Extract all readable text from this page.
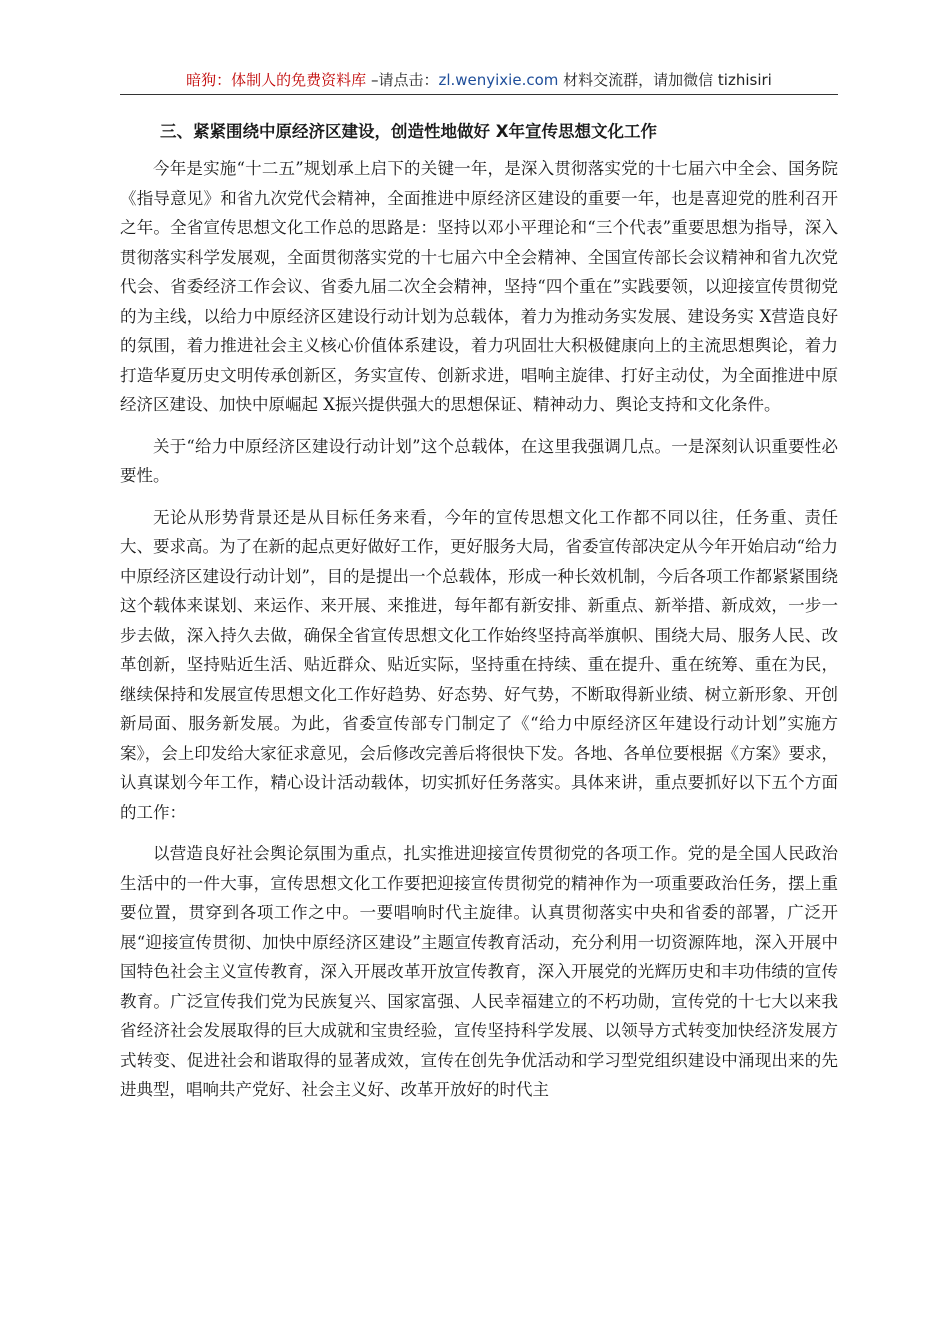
暗狗：体制人的免费资料库 –请点击：zl.wenyixie.com 材料交流群，请加微信 tizhisiri
三、紧紧围绕中原经济区建设，创造性地做好 X年宣传思想文化工作

今年是实施“十二五”规划承上启下的关键一年，是深入贯彻落实党的十七届六中全会、国务院《指导意见》和省九次党代会精神，全面推进中原经济区建设的重要一年，也是喜迎党的胜利召开之年。全省宣传思想文化工作总的思路是：坚持以邓小平理论和“三个代表”重要思想为指导，深入贯彻落实科学发展观，全面贯彻落实党的十七届六中全会精神、全国宣传部长会议精神和省九次党代会、省委经济工作会议、省委九届二次全会精神，坚持“四个重在”实践要领，以迎接宣传贯彻党的为主线，以给力中原经济区建设行动计划为总载体，着力为推动务实发展、建设务实 X营造良好的氛围，着力推进社会主义核心价值体系建设，着力巩固壮大积极健康向上的主流思想舆论，着力打造华夏历史文明传承创新区，务实宣传、创新求进，唱响主旋律、打好主动仗，为全面推进中原经济区建设、加快中原崛起 X振兴提供强大的思想保证、精神动力、舆论支持和文化条件。

关于“给力中原经济区建设行动计划”这个总载体，在这里我强调几点。一是深刻认识重要性必要性。

无论从形势背景还是从目标任务来看，今年的宣传思想文化工作都不同以往，任务重、责任大、要求高。为了在新的起点更好做好工作，更好服务大局，省委宣传部决定从今年开始启动“给力中原经济区建设行动计划”，目的是提出一个总载体，形成一种长效机制，今后各项工作都紧紧围绕这个载体来谋划、来运作、来开展、来推进，每年都有新安排、新重点、新举措、新成效，一步一步去做，深入持久去做，确保全省宣传思想文化工作始终坚持高举旗帜、围绕大局、服务人民、改革创新，坚持贴近生活、贴近群众、贴近实际，坚持重在持续、重在提升、重在统筹、重在为民，继续保持和发展宣传思想文化工作好趋势、好态势、好气势，不断取得新业绩、树立新形象、开创新局面、服务新发展。为此，省委宣传部专门制定了《“给力中原经济区年建设行动计划”实施方案》，会上印发给大家征求意见，会后修改完善后将很快下发。各地、各单位要根据《方案》要求，认真谋划今年工作，精心设计活动载体，切实抓好任务落实。具体来讲，重点要抓好以下五个方面的工作：

以营造良好社会舆论氛围为重点，扎实推进迎接宣传贯彻党的各项工作。党的是全国人民政治生活中的一件大事，宣传思想文化工作要把迎接宣传贯彻党的精神作为一项重要政治任务，摆上重要位置，贯穿到各项工作之中。一要唱响时代主旋律。认真贯彻落实中央和省委的部署，广泛开展“迎接宣传贯彻、加快中原经济区建设”主题宣传教育活动，充分利用一切资源阵地，深入开展中国特色社会主义宣传教育，深入开展改革开放宣传教育，深入开展党的光辉历史和丰功伟绩的宣传教育。广泛宣传我们党为民族复兴、国家富强、人民幸福建立的不朽功勋，宣传党的十七大以来我省经济社会发展取得的巨大成就和宝贵经验，宣传坚持科学发展、以领导方式转变加快经济发展方式转变、促进社会和谐取得的显著成效，宣传在创先争优活动和学习型党组织建设中涌现出来的先进典型，唱响共产党好、社会主义好、改革开放好的时代主
